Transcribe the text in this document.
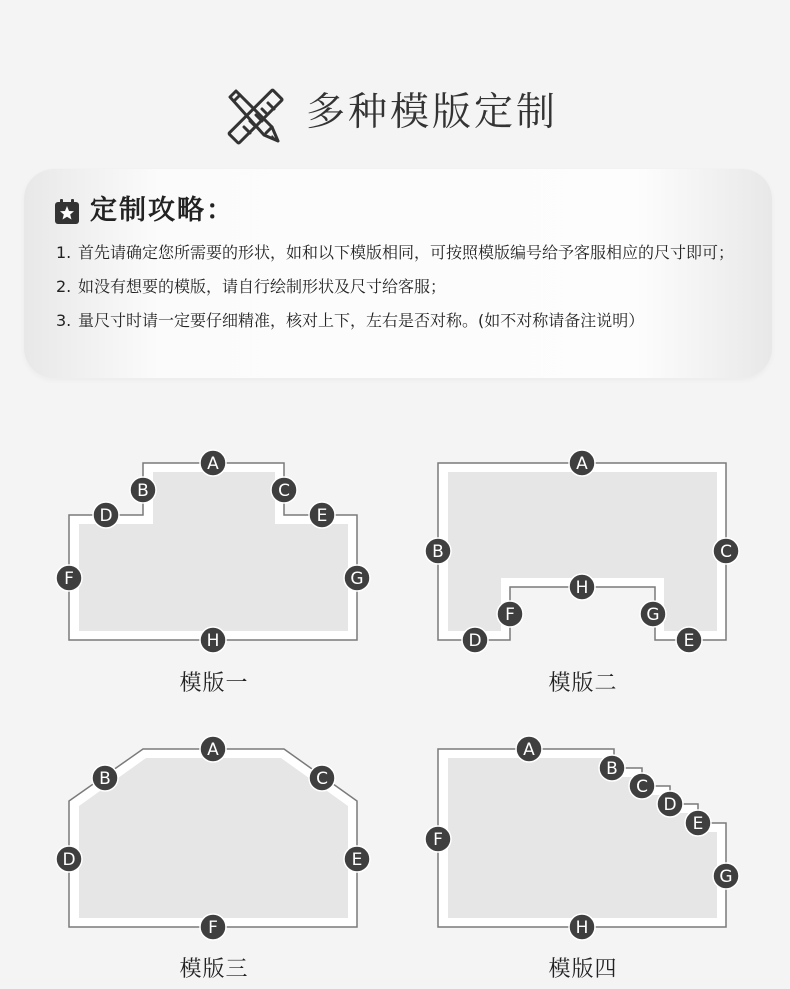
多种模版定制
定制攻略：
1. 首先请确定您所需要的形状，如和以下模版相同，可按照模版编号给予客服相应的尺寸即可；
2. 如没有想要的模版，请自行绘制形状及尺寸给客服；
3. 量尺寸时请一定要仔细精准，核对上下，左右是否对称。(如不对称请备注说明）
A
B	C
D	E
F	G
H
A
B	C
D	E
F	G
H
A
B	C
D	E
F
A
B
C
D
E
F
G
H
模版一	模版二
模版三	模版四
